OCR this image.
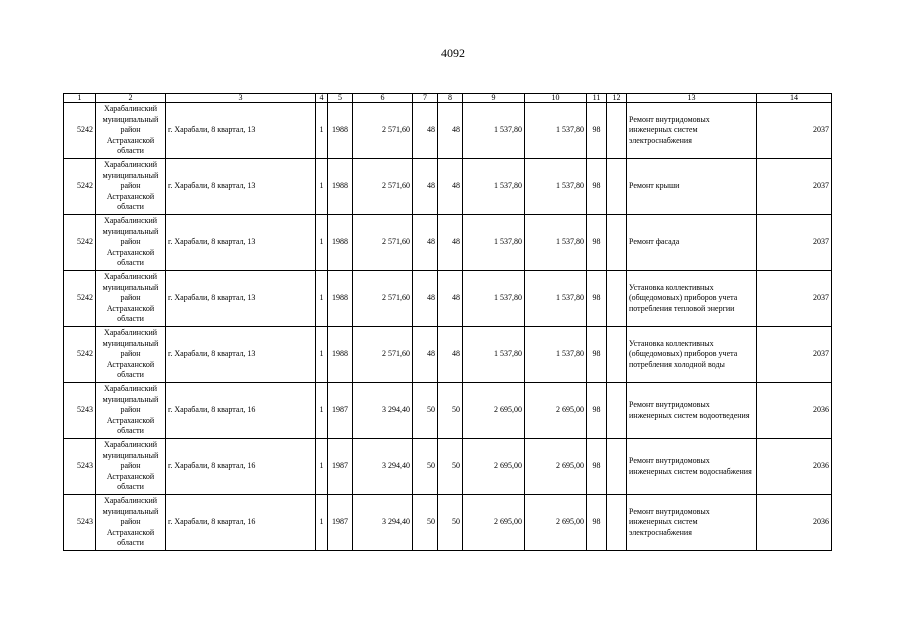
4092
1	2	3	4	5	6	7	8	9	10	11	12	13	14
5242	Харабалинский муниципальный район Астраханской области	г. Харабали, 8 квартал, 13	1	1988	2 571,60	48	48	1 537,80	1 537,80	98		Ремонт внутридомовых инженерных систем электроснабжения	2037
5242	Харабалинский муниципальный район Астраханской области	г. Харабали, 8 квартал, 13	1	1988	2 571,60	48	48	1 537,80	1 537,80	98		Ремонт крыши	2037
5242	Харабалинский муниципальный район Астраханской области	г. Харабали, 8 квартал, 13	1	1988	2 571,60	48	48	1 537,80	1 537,80	98		Ремонт фасада	2037
5242	Харабалинский муниципальный район Астраханской области	г. Харабали, 8 квартал, 13	1	1988	2 571,60	48	48	1 537,80	1 537,80	98		Установка коллективных (общедомовых) приборов учета потребления тепловой энергии	2037
5242	Харабалинский муниципальный район Астраханской области	г. Харабали, 8 квартал, 13	1	1988	2 571,60	48	48	1 537,80	1 537,80	98		Установка коллективных (общедомовых) приборов учета потребления холодной воды	2037
5243	Харабалинский муниципальный район Астраханской области	г. Харабали, 8 квартал, 16	1	1987	3 294,40	50	50	2 695,00	2 695,00	98		Ремонт внутридомовых инженерных систем водоотведения	2036
5243	Харабалинский муниципальный район Астраханской области	г. Харабали, 8 квартал, 16	1	1987	3 294,40	50	50	2 695,00	2 695,00	98		Ремонт внутридомовых инженерных систем водоснабжения	2036
5243	Харабалинский муниципальный район Астраханской области	г. Харабали, 8 квартал, 16	1	1987	3 294,40	50	50	2 695,00	2 695,00	98		Ремонт внутридомовых инженерных систем электроснабжения	2036
